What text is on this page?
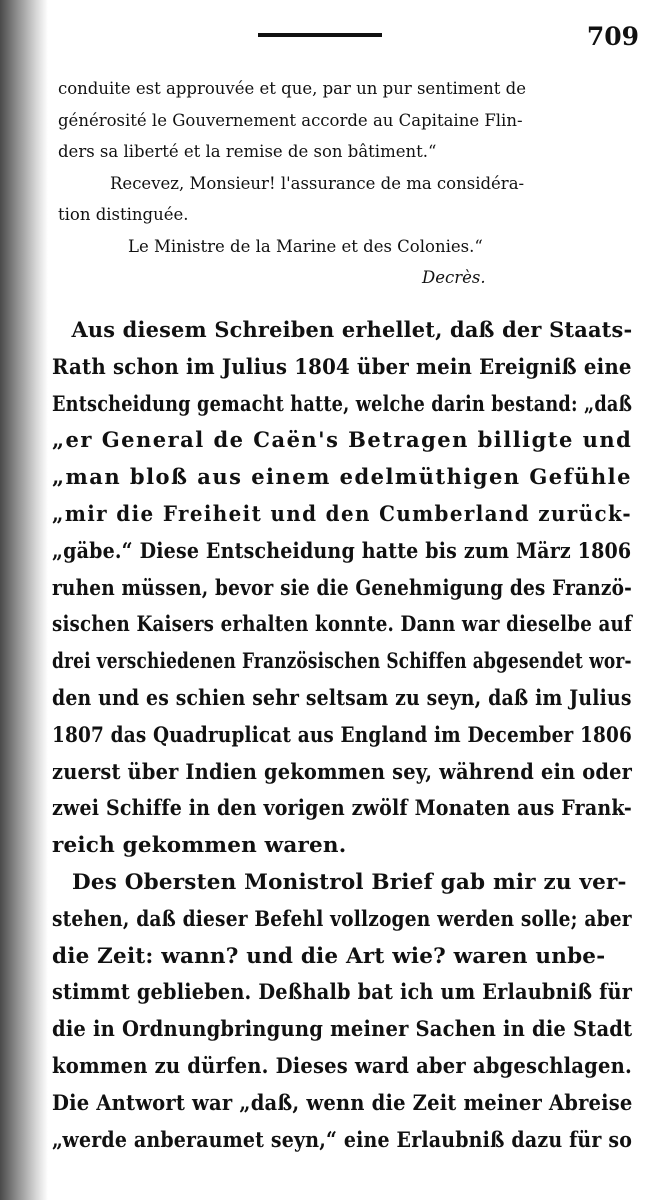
709

conduite est approuvée et que, par un pur sentiment de
générosité le Gouvernement accorde au Capitaine Flin-
ders sa liberté et la remise de son bâtiment.“
Recevez, Monsieur! l'assurance de ma considéra-
tion distinguée.
Le Ministre de la Marine et des Colonies.“
Decrès.

Aus diesem Schreiben erhellet, daß der Staats-
Rath schon im Julius 1804 über mein Ereigniß eine
Entscheidung gemacht hatte, welche darin bestand: „daß
„er General de Caën's Betragen billigte und
„man bloß aus einem edelmüthigen Gefühle
„mir die Freiheit und den Cumberland zurück-
„gäbe.“ Diese Entscheidung hatte bis zum März 1806
ruhen müssen, bevor sie die Genehmigung des Franzö-
sischen Kaisers erhalten konnte. Dann war dieselbe auf
drei verschiedenen Französischen Schiffen abgesendet wor-
den und es schien sehr seltsam zu seyn, daß im Julius
1807 das Quadruplicat aus England im December 1806
zuerst über Indien gekommen sey, während ein oder
zwei Schiffe in den vorigen zwölf Monaten aus Frank-
reich gekommen waren.
Des Obersten Monistrol Brief gab mir zu ver-
stehen, daß dieser Befehl vollzogen werden solle; aber
die Zeit: wann? und die Art wie? waren unbe-
stimmt geblieben. Deßhalb bat ich um Erlaubniß für
die in Ordnungbringung meiner Sachen in die Stadt
kommen zu dürfen. Dieses ward aber abgeschlagen.
Die Antwort war „daß, wenn die Zeit meiner Abreise
„werde anberaumet seyn,“ eine Erlaubniß dazu für so
